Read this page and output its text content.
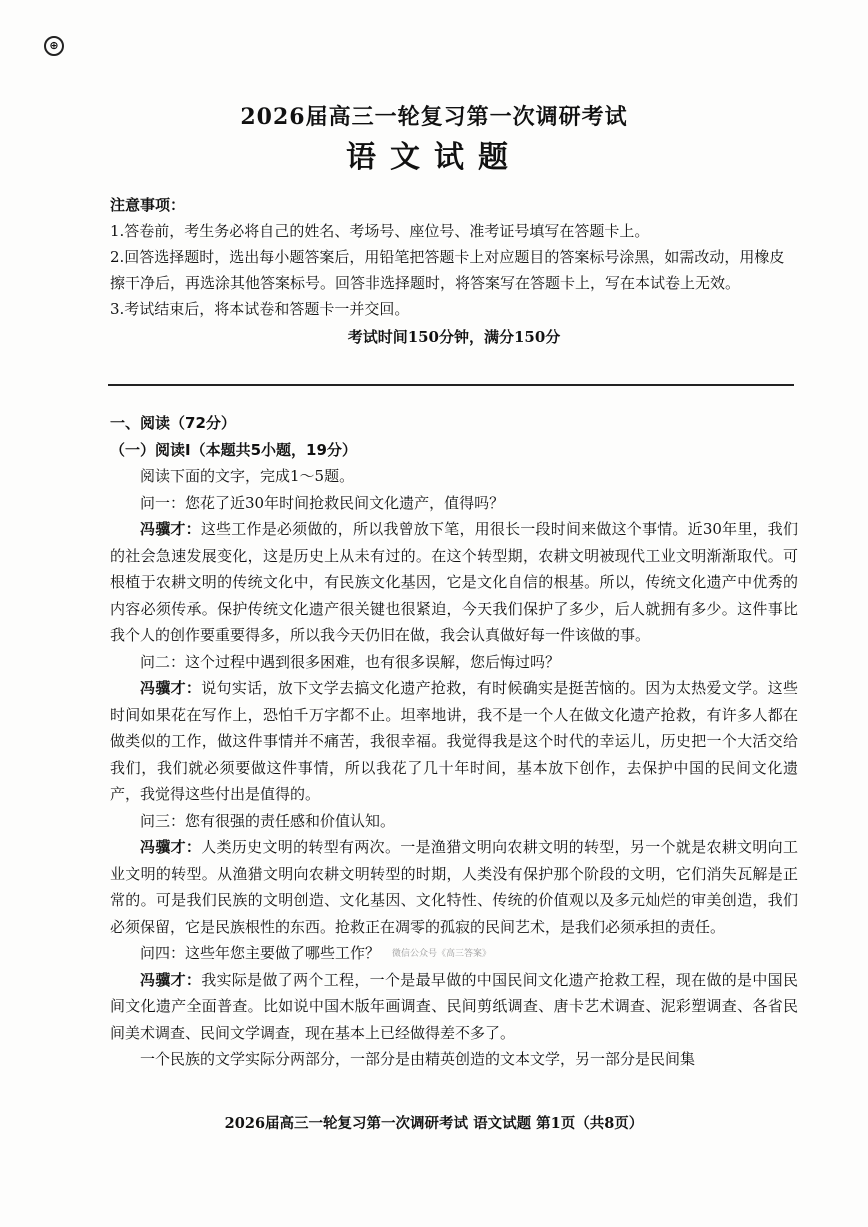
⊕
2026届高三一轮复习第一次调研考试
语文试题

注意事项：

1.答卷前，考生务必将自己的姓名、考场号、座位号、准考证号填写在答题卡上。

2.回答选择题时，选出每小题答案后，用铅笔把答题卡上对应题目的答案标号涂黑，如需改动，用橡皮擦干净后，再选涂其他答案标号。回答非选择题时，将答案写在答题卡上，写在本试卷上无效。

3.考试结束后，将本试卷和答题卡一并交回。

考试时间150分钟，满分150分

一、阅读（72分）

（一）阅读Ⅰ（本题共5小题，19分）

阅读下面的文字，完成1～5题。

问一：您花了近30年时间抢救民间文化遗产，值得吗？

冯骥才：这些工作是必须做的，所以我曾放下笔，用很长一段时间来做这个事情。近30年里，我们的社会急速发展变化，这是历史上从未有过的。在这个转型期，农耕文明被现代工业文明渐渐取代。可根植于农耕文明的传统文化中，有民族文化基因，它是文化自信的根基。所以，传统文化遗产中优秀的内容必须传承。保护传统文化遗产很关键也很紧迫，今天我们保护了多少，后人就拥有多少。这件事比我个人的创作要重要得多，所以我今天仍旧在做，我会认真做好每一件该做的事。

问二：这个过程中遇到很多困难，也有很多误解，您后悔过吗？

冯骥才：说句实话，放下文学去搞文化遗产抢救，有时候确实是挺苦恼的。因为太热爱文学。这些时间如果花在写作上，恐怕千万字都不止。坦率地讲，我不是一个人在做文化遗产抢救，有许多人都在做类似的工作，做这件事情并不痛苦，我很幸福。我觉得我是这个时代的幸运儿，历史把一个大活交给我们，我们就必须要做这件事情，所以我花了几十年时间，基本放下创作，去保护中国的民间文化遗产，我觉得这些付出是值得的。

问三：您有很强的责任感和价值认知。

冯骥才：人类历史文明的转型有两次。一是渔猎文明向农耕文明的转型，另一个就是农耕文明向工业文明的转型。从渔猎文明向农耕文明转型的时期，人类没有保护那个阶段的文明，它们消失瓦解是正常的。可是我们民族的文明创造、文化基因、文化特性、传统的价值观以及多元灿烂的审美创造，我们必须保留，它是民族根性的东西。抢救正在凋零的孤寂的民间艺术，是我们必须承担的责任。

问四：这些年您主要做了哪些工作？

冯骥才：我实际是做了两个工程，一个是最早做的中国民间文化遗产抢救工程，现在做的是中国民间文化遗产全面普查。比如说中国木版年画调查、民间剪纸调查、唐卡艺术调查、泥彩塑调查、各省民间美术调查、民间文学调查，现在基本上已经做得差不多了。

一个民族的文学实际分两部分，一部分是由精英创造的文本文学，另一部分是民间集

微信公众号《高三答案》
2026届高三一轮复习第一次调研考试 语文试题 第1页（共8页）
